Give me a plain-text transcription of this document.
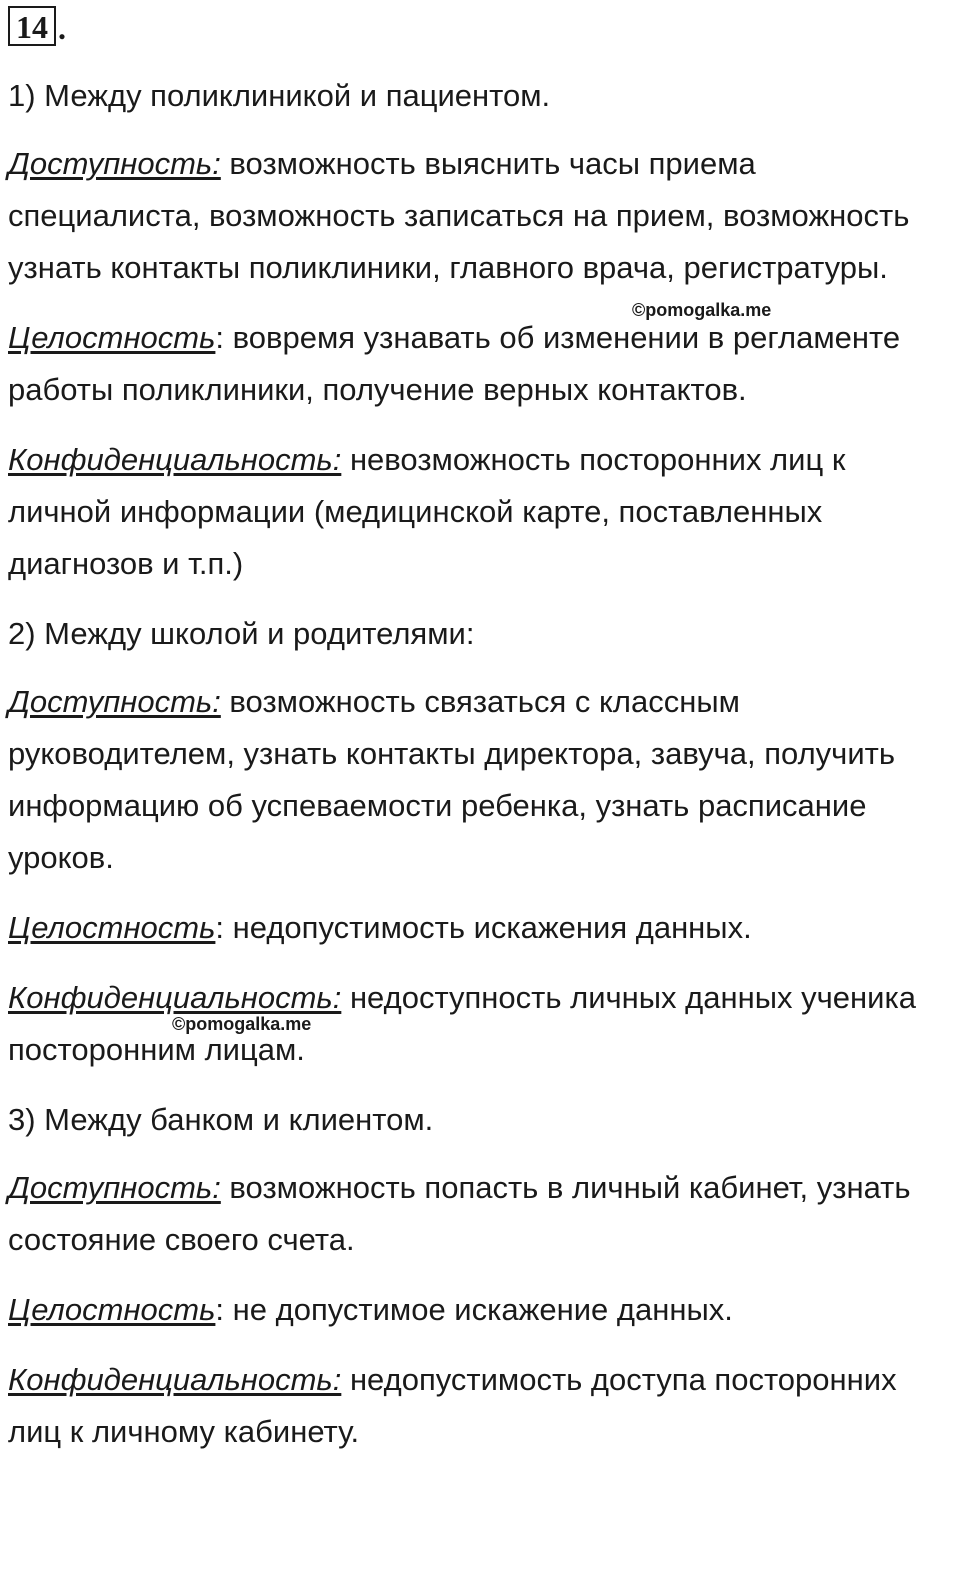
14 .

1) Между поликлиникой и пациентом.

Доступность: возможность выяснить часы приема специалиста, возможность записаться на прием, возможность узнать контакты поликлиники, главного врача, регистратуры.

Целостность: вовремя узнавать об изменении в регламенте работы поликлиники, получение верных контактов.

Конфиденциальность: невозможность посторонних лиц к личной информации (медицинской карте, поставленных диагнозов и т.п.)

2) Между школой и родителями:

Доступность: возможность связаться с классным руководителем, узнать контакты директора, завуча, получить информацию об успеваемости ребенка, узнать расписание уроков.

Целостность: недопустимость искажения данных.

Конфиденциальность: недоступность личных данных ученика посторонним лицам.

3) Между банком и клиентом.

Доступность: возможность попасть в личный кабинет, узнать состояние своего счета.

Целостность: не допустимое искажение данных.

Конфиденциальность: недопустимость доступа посторонних лиц к личному кабинету.

©pomogalka.me
©pomogalka.me
